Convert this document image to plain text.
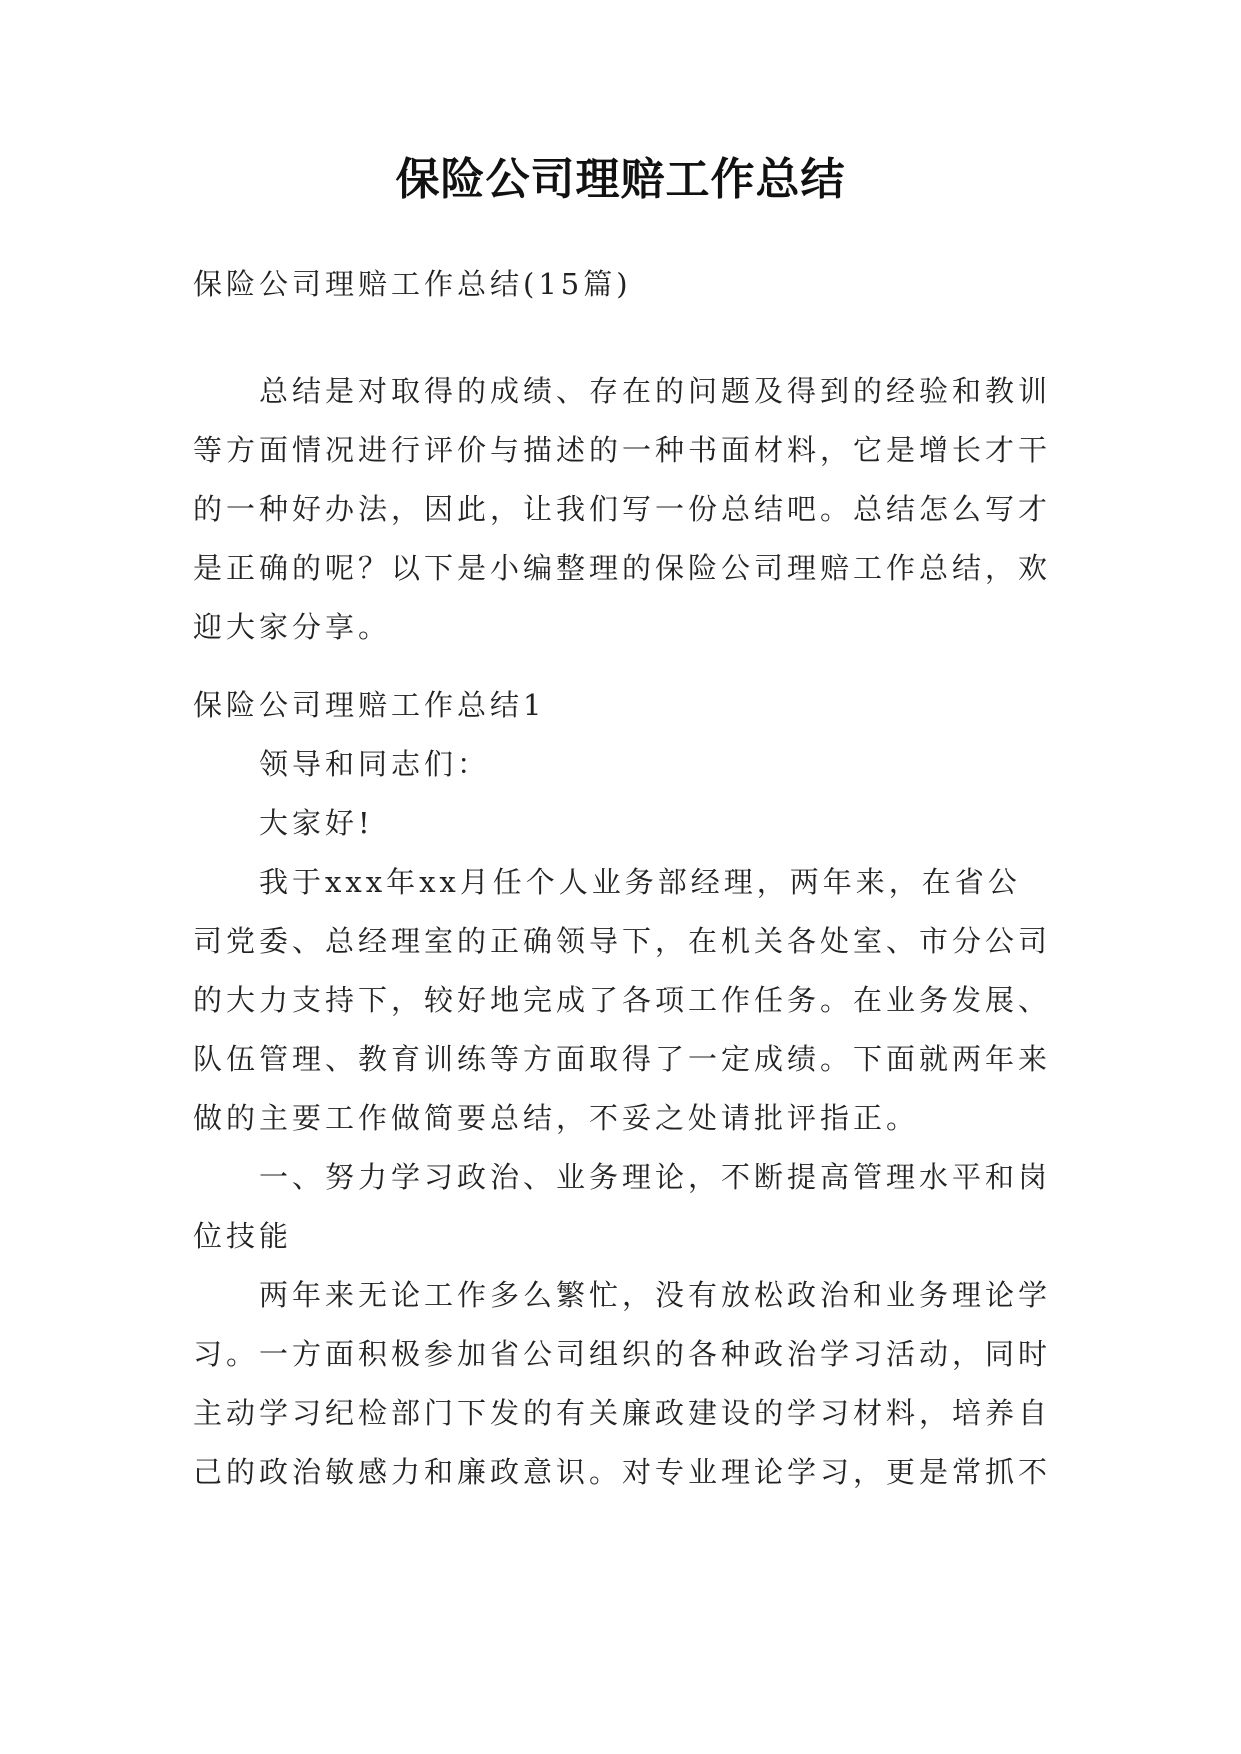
保险公司理赔工作总结

保险公司理赔工作总结(15篇)

总结是对取得的成绩、存在的问题及得到的经验和教训等方面情况进行评价与描述的一种书面材料，它是增长才干的一种好办法，因此，让我们写一份总结吧。总结怎么写才是正确的呢？以下是小编整理的保险公司理赔工作总结，欢迎大家分享。

保险公司理赔工作总结1

领导和同志们：

大家好!

我于xxx年xx月任个人业务部经理，两年来，在省公司党委、总经理室的正确领导下，在机关各处室、市分公司的大力支持下，较好地完成了各项工作任务。在业务发展、队伍管理、教育训练等方面取得了一定成绩。下面就两年来做的主要工作做简要总结，不妥之处请批评指正。

一、努力学习政治、业务理论，不断提高管理水平和岗位技能

两年来无论工作多么繁忙，没有放松政治和业务理论学习。一方面积极参加省公司组织的各种政治学习活动，同时主动学习纪检部门下发的有关廉政建设的学习材料，培养自己的政治敏感力和廉政意识。对专业理论学习，更是常抓不
